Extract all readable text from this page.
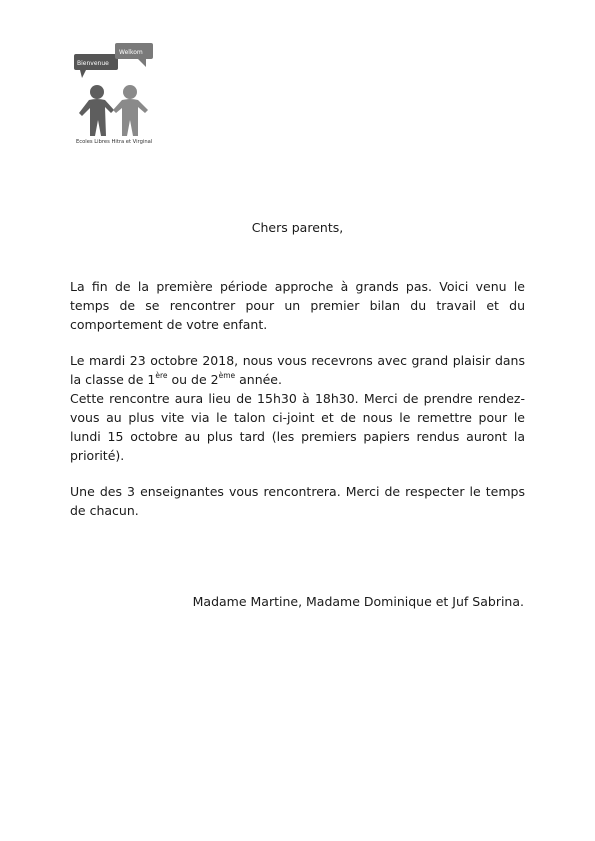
Bienvenue
Welkom
Ecoles Libres Hitra et Virginal
Chers parents,

La fin de la première période approche à grands pas. Voici venu le
temps de se rencontrer pour un premier bilan du travail et du
comportement de votre enfant.

Le mardi 23 octobre 2018, nous vous recevrons avec grand plaisir dans
la classe de 1ère ou de 2ème année.
Cette rencontre aura lieu de 15h30 à 18h30. Merci de prendre rendez-
vous au plus vite via le talon ci-joint et de nous le remettre pour le
lundi 15 octobre au plus tard (les premiers papiers rendus auront la
priorité).

Une des 3 enseignantes vous rencontrera. Merci de respecter le temps
de chacun.

Madame Martine, Madame Dominique et Juf Sabrina.
